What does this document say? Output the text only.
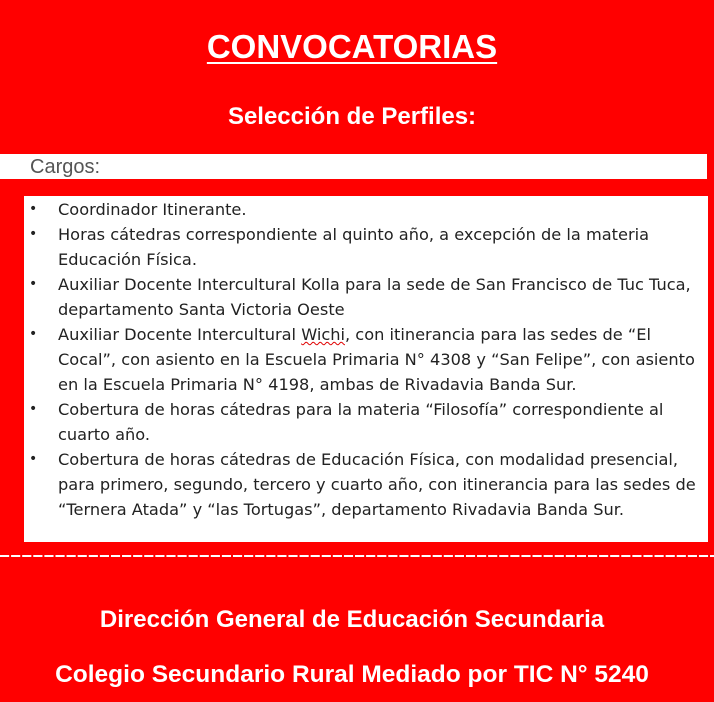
CONVOCATORIAS
Selección de Perfiles:
Cargos:
• Coordinador Itinerante.
• Horas cátedras correspondiente al quinto año, a excepción de la materia Educación Física.
• Auxiliar Docente Intercultural Kolla para la sede de San Francisco de Tuc Tuca, departamento Santa Victoria Oeste
• Auxiliar Docente Intercultural Wichi, con itinerancia para las sedes de “El Cocal”, con asiento en la Escuela Primaria N° 4308 y “San Felipe”, con asiento en la Escuela Primaria N° 4198, ambas de Rivadavia Banda Sur.
• Cobertura de horas cátedras para la materia “Filosofía” correspondiente al cuarto año.
• Cobertura de horas cátedras de Educación Física, con modalidad presencial, para primero, segundo, tercero y cuarto año, con itinerancia para las sedes de “Ternera Atada” y “las Tortugas”, departamento Rivadavia Banda Sur.
Dirección General de Educación Secundaria
Colegio Secundario Rural Mediado por TIC N° 5240
